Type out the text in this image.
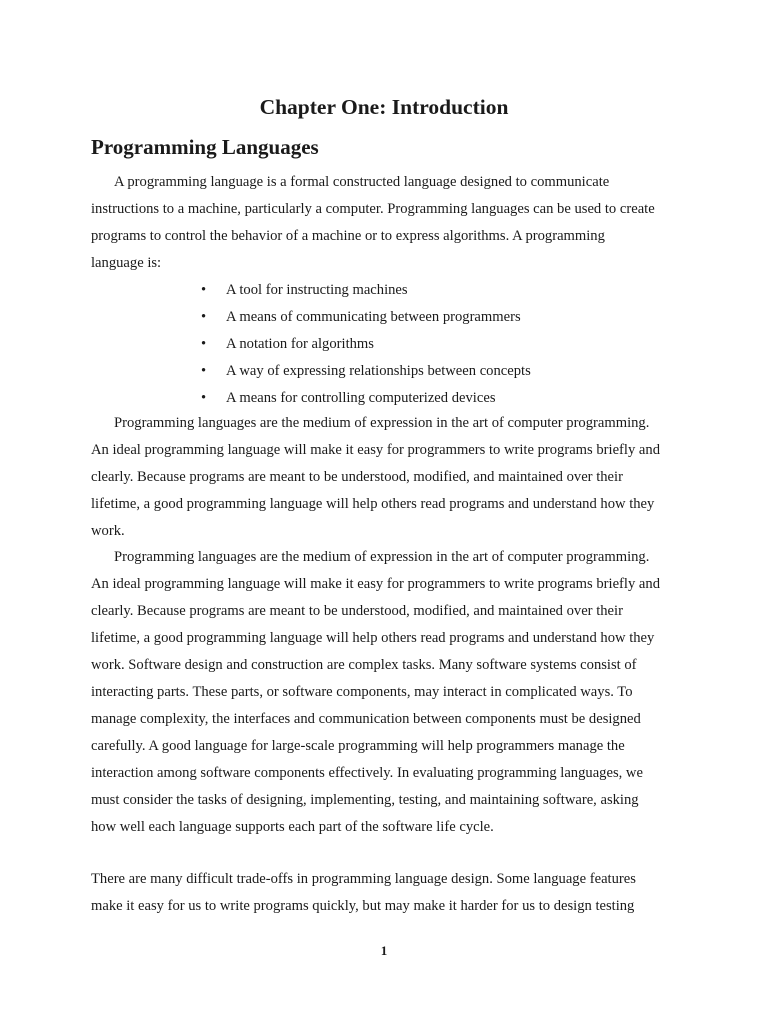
Chapter One: Introduction
Programming Languages
A programming language is a formal constructed language designed to communicate
instructions to a machine, particularly a computer. Programming languages can be used to create
programs to control the behavior of a machine or to express algorithms. A programming
language is:
• A tool for instructing machines
• A means of communicating between programmers
• A notation for algorithms
• A way of expressing relationships between concepts
• A means for controlling computerized devices
Programming languages are the medium of expression in the art of computer programming.
An ideal programming language will make it easy for programmers to write programs briefly and
clearly. Because programs are meant to be understood, modified, and maintained over their
lifetime, a good programming language will help others read programs and understand how they
work.
Programming languages are the medium of expression in the art of computer programming.
An ideal programming language will make it easy for programmers to write programs briefly and
clearly. Because programs are meant to be understood, modified, and maintained over their
lifetime, a good programming language will help others read programs and understand how they
work. Software design and construction are complex tasks. Many software systems consist of
interacting parts. These parts, or software components, may interact in complicated ways. To
manage complexity, the interfaces and communication between components must be designed
carefully. A good language for large-scale programming will help programmers manage the
interaction among software components effectively. In evaluating programming languages, we
must consider the tasks of designing, implementing, testing, and maintaining software, asking
how well each language supports each part of the software life cycle.
There are many difficult trade-offs in programming language design. Some language features
make it easy for us to write programs quickly, but may make it harder for us to design testing
1
